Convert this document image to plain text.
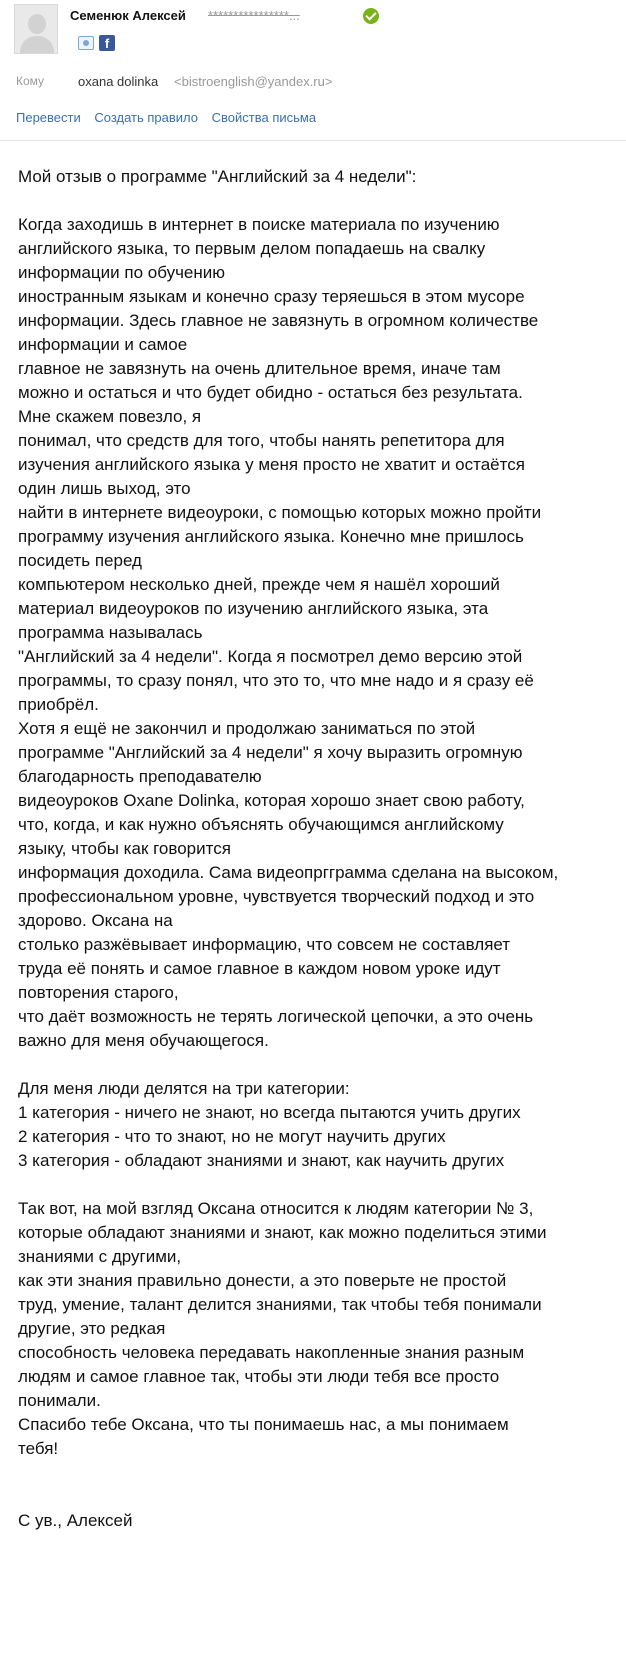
Семенюк Алексей ****************...
f
Кому	oxana dolinka <bistroenglish@yandex.ru>
Перевести Создать правило Свойства письма

Мой отзыв о программе "Английский за 4 недели":

Когда заходишь в интернет в поиске материала по изучению

английского языка, то первым делом попадаешь на свалку

информации по обучению

иностранным языкам и конечно сразу теряешься в этом мусоре

информации. Здесь главное не завязнуть в огромном количестве

информации и самое

главное не завязнуть на очень длительное время, иначе там

можно и остаться и что будет обидно - остаться без результата.

Мне скажем повезло, я

понимал, что средств для того, чтобы нанять репетитора для

изучения английского языка у меня просто не хватит и остаётся

один лишь выход, это

найти в интернете видеоуроки, с помощью которых можно пройти

программу изучения английского языка. Конечно мне пришлось

посидеть перед

компьютером несколько дней, прежде чем я нашёл хороший

материал видеоуроков по изучению английского языка, эта

программа называлась

"Английский за 4 недели". Когда я посмотрел демо версию этой

программы, то сразу понял, что это то, что мне надо и я сразу её

приобрёл.

Хотя я ещё не закончил и продолжаю заниматься по этой

программе "Английский за 4 недели" я хочу выразить огромную

благодарность преподавателю

видеоуроков Oxane Dolinka, которая хорошо знает свою работу,

что, когда, и как нужно объяснять обучающимся английскому

языку, чтобы как говорится

информация доходила. Сама видеопргграмма сделана на высоком,

профессиональном уровне, чувствуется творческий подход и это

здорово. Оксана на

столько разжёвывает информацию, что совсем не составляет

труда её понять и самое главное в каждом новом уроке идут

повторения старого,

что даёт возможность не терять логической цепочки, а это очень

важно для меня обучающегося.

Для меня люди делятся на три категории:

1 категория - ничего не знают, но всегда пытаются учить других

2 категория - что то знают, но не могут научить других

3 категория - обладают знаниями и знают, как научить других

Так вот, на мой взгляд Оксана относится к людям категории № 3,

которые обладают знаниями и знают, как можно поделиться этими

знаниями с другими,

как эти знания правильно донести, а это поверьте не простой

труд, умение, талант делится знаниями, так чтобы тебя понимали

другие, это редкая

способность человека передавать накопленные знания разным

людям и самое главное так, чтобы эти люди тебя все просто

понимали.

Спасибо тебе Оксана, что ты понимаешь нас, а мы понимаем

тебя!

С ув., Алексей
